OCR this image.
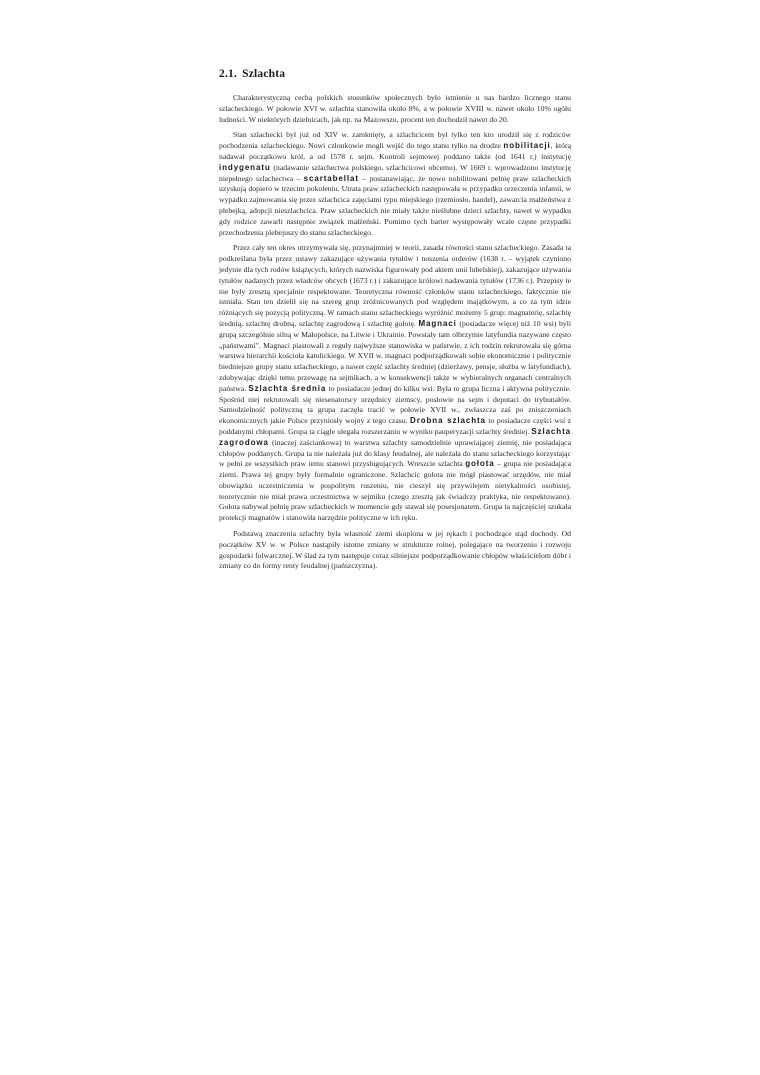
2.1. Szlachta

Charakterystyczną cechą polskich stosunków społecznych było istnienie u nas bardzo licznego stanu szlacheckiego. W połowie XVI w. szlachta stanowiła około 8%, a w połowie XVIII w. nawet około 10% ogółu ludności. W niektórych dzielnicach, jak np. na Mazowszu, procent ten dochodził nawet do 20.

Stan szlachecki był już od XIV w. zamknięty, a szlachcicem był tylko ten kto urodził się z rodziców pochodzenia szlacheckiego. Nowi członkowie mogli wejść do tego stanu tylko na drodze nobilitacji, którą nadawał początkowo król, a od 1578 r. sejm. Kontroli sejmowej poddano także (od 1641 r.) instytucję indygenatu (nadawanie szlachectwa polskiego, szlachcicowi obcemu). W 1669 r. wprowadzono instytucję niepełnego szlachectwa – scartabellat – postanawiając, że nowo nobilitowani pełnię praw szlacheckich uzyskują dopiero w trzecim pokoleniu. Utrata praw szlacheckich następowała w przypadku orzeczenia infamii, w wypadku zajmowania się przez szlachcica zajęciami typu miejskiego (rzemiosło, handel), zawarcia małżeństwa z plebejką, adopcji nieszlachcica. Praw szlacheckich nie miały także nieślubne dzieci szlachty, nawet w wypadku gdy rodzice zawarli następnie związek małżeński. Pomimo tych barier występowały wcale częste przypadki przechodzenia plebejuszy do stanu szlacheckiego.

Przez cały ten okres utrzymywała się, przynajmniej w teorii, zasada równości stanu szlacheckiego. Zasada ta podkreślana była przez ustawy zakazujące używania tytułów i noszenia orderów (1638 r. – wyjątek czyniono jedynie dla tych rodów książęcych, których nazwiska figurowały pod aktem unii lubelskiej), zakazujące używania tytułów nadanych przez władców obcych (1673 r.) i zakazujące królowi nadawania tytułów (1736 r.). Przepisy te nie były zresztą specjalnie respektowane. Teoretyczna równość członków stanu szlacheckiego, faktycznie nie istniała. Stan ten dzielił się na szereg grup zróżnicowanych pod względem majątkowym, a co za tym idzie różniących się pozycją polityczną. W ramach stanu szlacheckiego wyróżnić możemy 5 grup: magnaterię, szlachtę średnią, szlachtę drobną, szlachtę zagrodową i szlachtę gołotę. Magnaci (posiadacze więcej niż 10 wsi) byli grupą szczególnie silną w Małopolsce, na Litwie i Ukrainie. Powstały tam olbrzymie latyfundia nazywane często „państwami". Magnaci piastowali z reguły najwyższe stanowiska w państwie, z ich rodzin rekrutowała się górna warstwa hierarchii kościoła katolickiego. W XVII w. magnaci podporządkowali sobie ekonomicznie i politycznie biedniejsze grupy stanu szlacheckiego, a nawet część szlachty średniej (dzierżawy, pensje, służba w latyfundiach), zdobywając dzięki temu przewagę na sejmikach, a w konsekwencji także w wybieralnych organach centralnych państwa. Szlachta średnia to posiadacze jednej do kilku wsi. Była to grupa liczna i aktywna politycznie. Spośród niej rekrutowali się niesenatorscy urzędnicy ziemscy, posłowie na sejm i deputaci do trybunałów. Samodzielność polityczną ta grupa zaczęła tracić w połowie XVII w., zwłaszcza zaś po zniszczeniach ekonomicznych jakie Polsce przyniosły wojny z tego czasu. Drobna szlachta to posiadacze części wsi z poddanymi chłopami. Grupa ta ciągle ulegała rozszerzaniu w wyniku pauperyzacji szlachty średniej. Szlachta zagrodowa (inaczej zaściankowa) to warstwa szlachty samodzielnie uprawiającej ziemię, nie posiadająca chłopów poddanych. Grupa ta nie należała już do klasy feudalnej, ale należała do stanu szlacheckiego korzystając w pełni ze wszystkich praw temu stanowi przysługujących. Wreszcie szlachta gołota – grupa nie posiadająca ziemi. Prawa tej grupy były formalnie ograniczone. Szlachcic gołota nie mógł piastować urzędów, nie miał obowiązku uczestniczenia w pospolitym ruszeniu, nie cieszył się przywilejem nietykalności osobistej, teoretycznie nie miał prawa uczestnictwa w sejmiku (czego zresztą jak świadczy praktyka, nie respektowano). Gołota nabywał pełnię praw szlacheckich w momencie gdy stawał się posesjonatem. Grupa ta najczęściej szukała protekcji magnatów i stanowiła narzędzie polityczne w ich ręku.

Podstawą znaczenia szlachty była własność ziemi skupiona w jej rękach i pochodzące stąd dochody. Od początków XV w. w Polsce nastąpiły istotne zmiany w strukturze rolnej, polegające na tworzeniu i rozwoju gospodarki folwarcznej. W ślad za tym następuje coraz silniejsze podporządkowanie chłopów właścicielom dóbr i zmiany co do formy renty feudalnej (pańszczyzna).
